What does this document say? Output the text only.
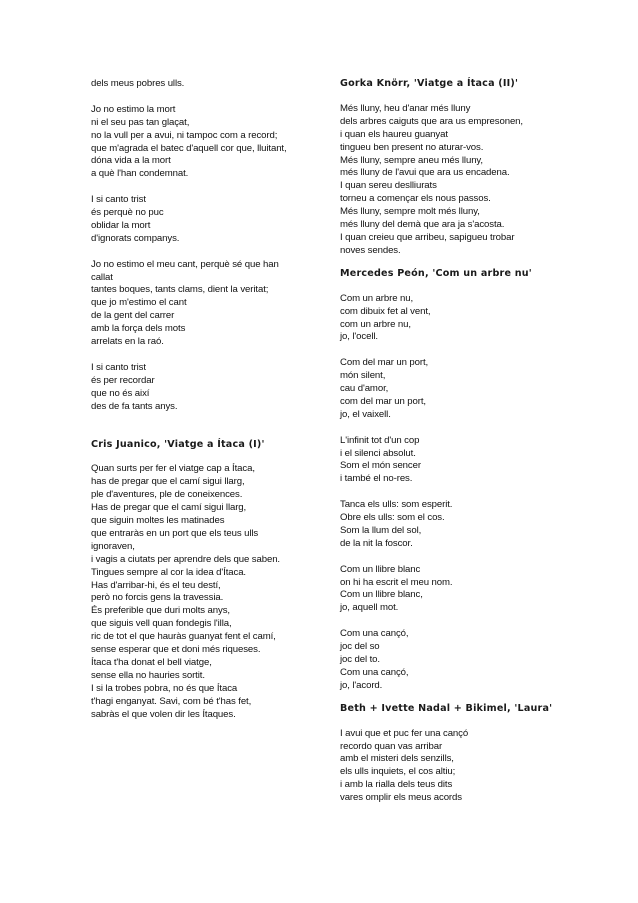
dels meus pobres ulls.
Jo no estimo la mort
ni el seu pas tan glaçat,
no la vull per a avui, ni tampoc com a record;
que m'agrada el batec d'aquell cor que, lluitant,
dóna vida a la mort
a què l'han condemnat.
I si canto trist
és perquè no puc
oblidar la mort
d'ignorats companys.
Jo no estimo el meu cant, perquè sé que han
callat
tantes boques, tants clams, dient la veritat;
que jo m'estimo el cant
de la gent del carrer
amb la força dels mots
arrelats en la raó.
I si canto trist
és per recordar
que no és així
des de fa tants anys.
Cris Juanico, 'Viatge a Ítaca (I)'
Quan surts per fer el viatge cap a Ítaca,
has de pregar que el camí sigui llarg,
ple d'aventures, ple de coneixences.
Has de pregar que el camí sigui llarg,
que siguin moltes les matinades
que entraràs en un port que els teus ulls
ignoraven,
i vagis a ciutats per aprendre dels que saben.
Tingues sempre al cor la idea d'Ítaca.
Has d'arribar-hi, és el teu destí,
però no forcis gens la travessia.
És preferible que duri molts anys,
que siguis vell quan fondegis l'illa,
ric de tot el que hauràs guanyat fent el camí,
sense esperar que et doni més riqueses.
Ítaca t'ha donat el bell viatge,
sense ella no hauries sortit.
I si la trobes pobra, no és que Ítaca
t'hagi enganyat. Savi, com bé t'has fet,
sabràs el que volen dir les Ítaques.
Gorka Knörr, 'Viatge a Ítaca (II)'
Més lluny, heu d'anar més lluny
dels arbres caiguts que ara us empresonen,
i quan els haureu guanyat
tingueu ben present no aturar-vos.
Més lluny, sempre aneu més lluny,
més lluny de l'avui que ara us encadena.
I quan sereu deslliurats
torneu a començar els nous passos.
Més lluny, sempre molt més lluny,
més lluny del demà que ara ja s'acosta.
I quan creieu que arribeu, sapigueu trobar
noves sendes.
Mercedes Peón, 'Com un arbre nu'
Com un arbre nu,
com dibuix fet al vent,
com un arbre nu,
jo, l'ocell.
Com del mar un port,
món silent,
cau d'amor,
com del mar un port,
jo, el vaixell.
L'infinit tot d'un cop
i el silenci absolut.
Som el món sencer
i també el no-res.
Tanca els ulls: som esperit.
Obre els ulls: som el cos.
Som la llum del sol,
de la nit la foscor.
Com un llibre blanc
on hi ha escrit el meu nom.
Com un llibre blanc,
jo, aquell mot.
Com una cançó,
joc del so
joc del to.
Com una cançó,
jo, l'acord.
Beth + Ivette Nadal + Bikimel, 'Laura'
I avui que et puc fer una cançó
recordo quan vas arribar
amb el misteri dels senzills,
els ulls inquiets, el cos altiu;
i amb la rialla dels teus dits
vares omplir els meus acords
